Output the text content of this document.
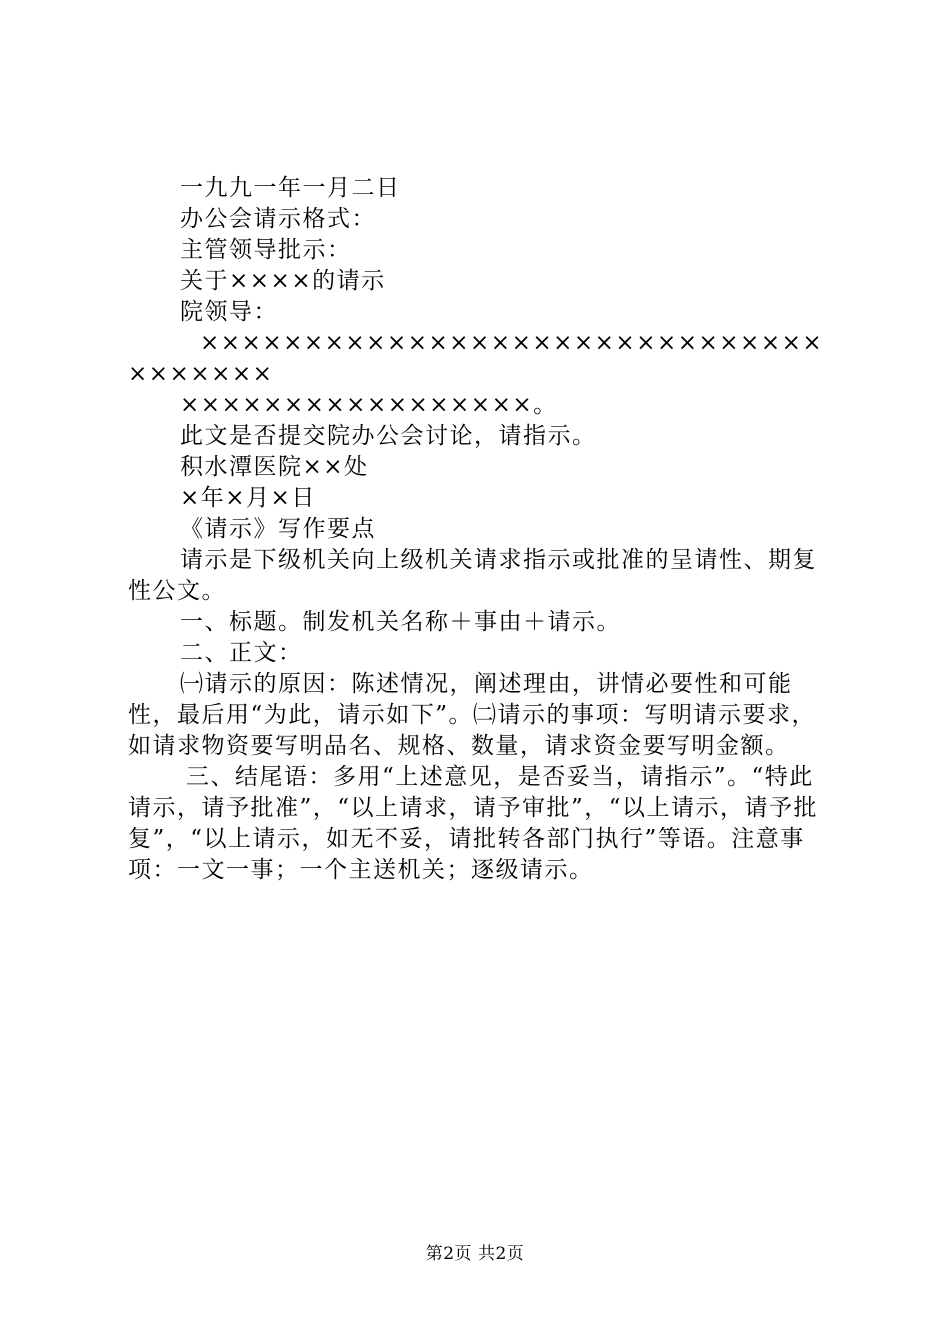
一九九一年一月二日

办公会请示格式：

主管领导批示：

关于××××的请示

院领导：

×××××××××××××××××××××××××××××××××××××

×××××××××××××××××。

此文是否提交院办公会讨论，请指示。

积水潭医院××处

×年×月×日

《请示》写作要点

请示是下级机关向上级机关请求指示或批准的呈请性、期复性公文。

一、标题。制发机关名称＋事由＋请示。

二、正文：

㈠请示的原因：陈述情况，阐述理由，讲情必要性和可能性，最后用“为此，请示如下”。㈡请示的事项：写明请示要求，如请求物资要写明品名、规格、数量，请求资金要写明金额。

三、结尾语：多用“上述意见，是否妥当，请指示”。“特此请示，请予批准”，“以上请求，请予审批”，“以上请示，请予批复”，“以上请示，如无不妥，请批转各部门执行”等语。注意事项：一文一事；一个主送机关；逐级请示。

第2页 共2页
